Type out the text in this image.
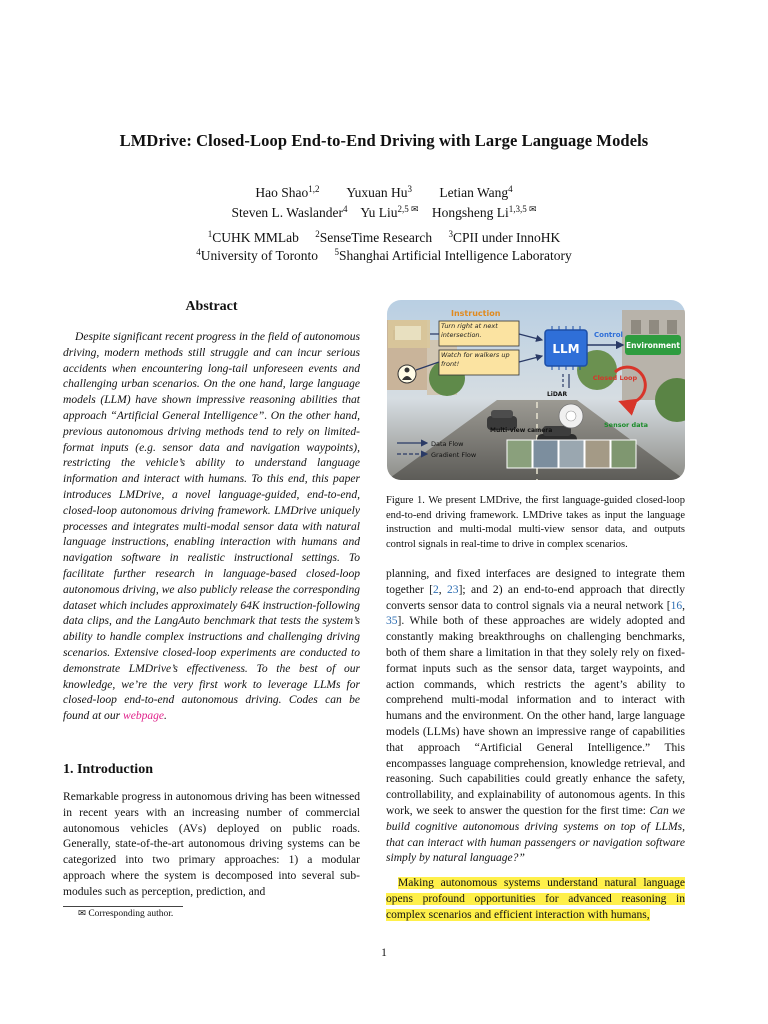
LMDrive: Closed-Loop End-to-End Driving with Large Language Models
Hao Shao$^{1,2}$ Yuxuan Hu$^3$ Letian Wang$^4$
Steven L. Waslander$^4$ Yu Liu$^{2,5 ✉}$ Hongsheng $Li^{1,3,5 ✉}$
$^1$CUHK MMLab $^2$SenseTime Research $^3$CPII under InnoHK
$^4$University of Toronto $^5$Shanghai Artificial Intelligence Laboratory
Abstract
Despite significant recent progress in the field of autonomous driving, modern methods still struggle and can incur serious accidents when encountering long-tail unforeseen events and challenging urban scenarios. On the one hand, large language models (LLM) have shown impressive reasoning abilities that approach “Artificial General Intelligence”. On the other hand, previous autonomous driving methods tend to rely on limited-format inputs (e.g. sensor data and navigation waypoints), restricting the vehicle’s ability to understand language information and interact with humans. To this end, this paper introduces LMDrive, a novel language-guided, end-to-end, closed-loop autonomous driving framework. LMDrive uniquely processes and integrates multi-modal sensor data with natural language instructions, enabling interaction with humans and navigation software in realistic instructional settings. To facilitate further research in language-based closed-loop autonomous driving, we also publicly release the corresponding dataset which includes approximately 64K instruction-following data clips, and the LangAuto benchmark that tests the system’s ability to handle complex instructions and challenging driving scenarios. Extensive closed-loop experiments are conducted to demonstrate LMDrive’s effectiveness. To the best of our knowledge, we’re the very first work to leverage LLMs for closed-loop end-to-end autonomous driving. Codes can be found at our webpage.
1. Introduction
Remarkable progress in autonomous driving has been witnessed in recent years with an increasing number of commercial autonomous vehicles (AVs) deployed on public roads. Generally, state-of-the-art autonomous driving systems can be categorized into two primary approaches: 1) a modular approach where the system is decomposed into several sub-modules such as perception, prediction, and
✉ Corresponding author.
Instruction
Turn right at next intersection.
Watch for walkers up front!
LLM
Control
Environment
Closed Loop
LiDAR
Multi-view camera
Sensor data
Data Flow
Gradient Flow
Figure 1. We present LMDrive, the first language-guided closed-loop end-to-end driving framework. LMDrive takes as input the language instruction and multi-modal multi-view sensor data, and outputs control signals in real-time to drive in complex scenarios.
planning, and fixed interfaces are designed to integrate them together [2, 23]; and 2) an end-to-end approach that directly converts sensor data to control signals via a neural network [16, 35]. While both of these approaches are widely adopted and constantly making breakthroughs on challenging benchmarks, both of them share a limitation in that they solely rely on fixed-format inputs such as the sensor data, target waypoints, and action commands, which restricts the agent’s ability to comprehend multi-modal information and to interact with humans and the environment. On the other hand, large language models (LLMs) have shown an impressive range of capabilities that approach “Artificial General Intelligence.” This encompasses language comprehension, knowledge retrieval, and reasoning. Such capabilities could greatly enhance the safety, controllability, and explainability of autonomous agents. In this work, we seek to answer the question for the first time: Can we build cognitive autonomous driving systems on top of LLMs, that can interact with human passengers or navigation software simply by natural language?”
Making autonomous systems understand natural language opens profound opportunities for advanced reasoning in complex scenarios and efficient interaction with humans,
1
